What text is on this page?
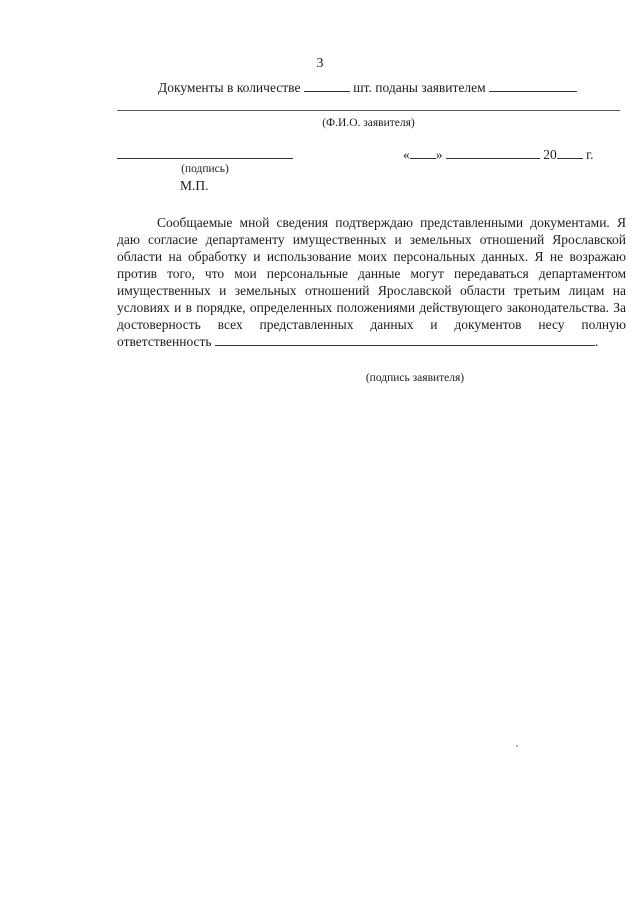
3
Документы в количестве	шт. поданы заявителем
(Ф.И.О. заявителя)
(подпись)
« »	20 г.
М.П.

Сообщаемые мной сведения подтверждаю представленными документами. Я даю согласие департаменту имущественных и земельных отношений Ярославской области на обработку и использование моих персональных данных. Я не возражаю против того, что мои персональные данные могут передаваться департаментом имущественных и земельных отношений Ярославской области третьим лицам на условиях и в порядке, определенных положениями действующего законодательства. За достоверность всех представленных данных и документов несу полную ответственность	.

(подпись заявителя)
